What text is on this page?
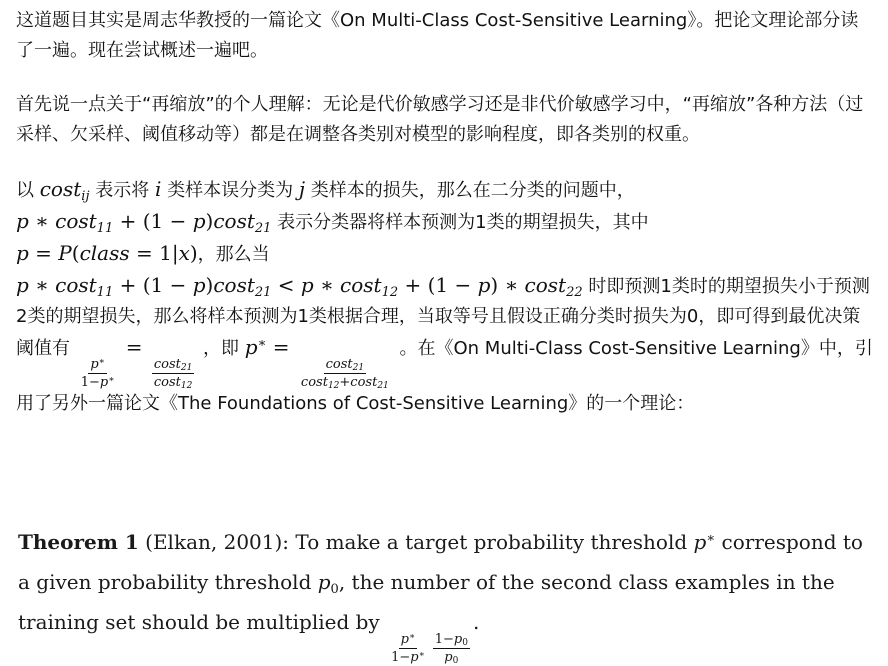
这道题目其实是周志华教授的一篇论文《On Multi-Class Cost-Sensitive Learning》。把论文理论部分读了一遍。现在尝试概述一遍吧。

首先说一点关于“再缩放”的个人理解：无论是代价敏感学习还是非代价敏感学习中，“再缩放”各种方法（过采样、欠采样、阈值移动等）都是在调整各类别对模型的影响程度，即各类别的权重。

以 cost$_{ij}$ 表示将 i 类样本误分类为 j 类样本的损失，那么在二分类的问题中，
p ∗ cost$_{11}$ + (1 − p)cost$_{21}$ 表示分类器将样本预测为1类的期望损失，其中
p = P(class = 1|x)，那么当
p ∗ cost$_{11}$ + (1 − p)cost$_{21}$ < p ∗ cost$_{12}$ + (1 − p) ∗ cost$_{22}$ 时即预测1类时的期望损失小于预测2类的期望损失，那么将样本预测为1类根据合理，当取等号且假设正确分类时损失为0，即可得到最优决策阈值有
$\frac{p^∗}{1-p^∗}$
=
$\frac{\cos t_{21}}{\cos t_{12}}$
，即 p∗ =
$\frac{\cos t_{21}}{\cos t_{12}+\cos t_{21}}$
。在《On Multi-Class Cost-Sensitive Learning》中，引用了另外一篇论文《The Foundations of Cost-Sensitive Learning》的一个理论：

Theorem 1 (Elkan, 2001): To make a target probability threshold p∗ correspond to a given probability threshold $p_0$, the number of the second class examples in the training set should be multiplied by
$\frac{p^∗}{1-p^∗} \frac{1-p_0}{p_0}$
.
